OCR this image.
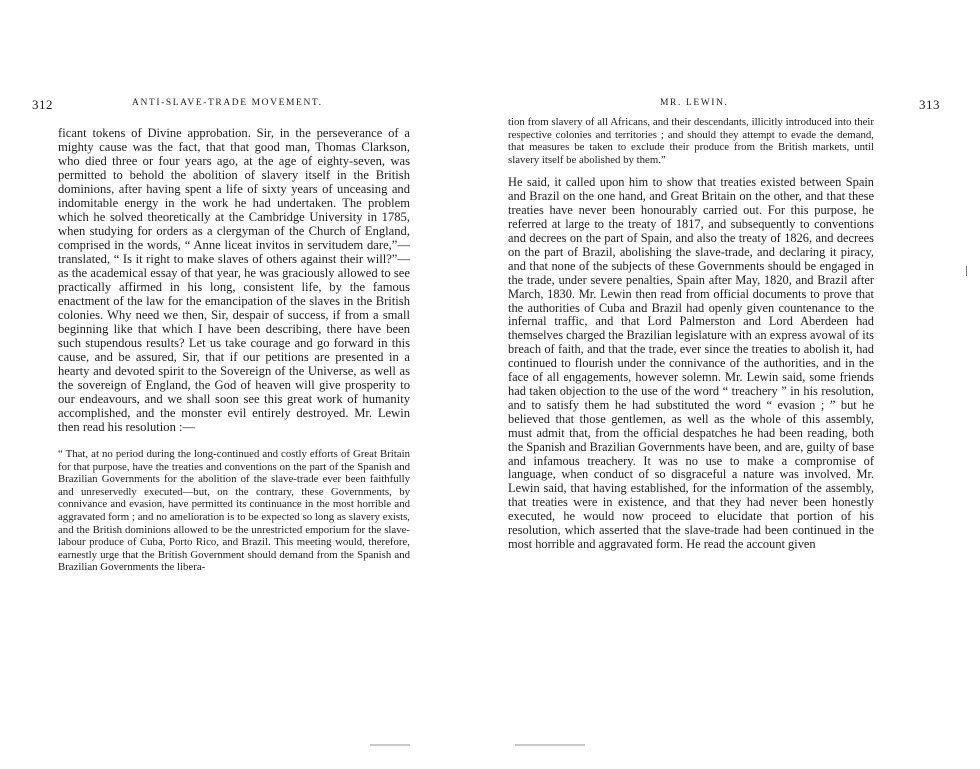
312	ANTI-SLAVE-TRADE MOVEMENT.

ficant tokens of Divine approbation. Sir, in the perseverance of a mighty cause was the fact, that that good man, Thomas Clarkson, who died three or four years ago, at the age of eighty-seven, was permitted to behold the abolition of slavery itself in the British dominions, after having spent a life of sixty years of unceasing and indomitable energy in the work he had undertaken. The problem which he solved theoretically at the Cambridge University in 1785, when studying for orders as a clergyman of the Church of England, comprised in the words, “ Anne liceat invitos in servitudem dare,”—translated, “ Is it right to make slaves of others against their will?”—as the academical essay of that year, he was graciously allowed to see practically affirmed in his long, consistent life, by the famous enactment of the law for the emancipation of the slaves in the British colonies. Why need we then, Sir, despair of success, if from a small beginning like that which I have been describing, there have been such stupendous results? Let us take courage and go forward in this cause, and be assured, Sir, that if our petitions are presented in a hearty and devoted spirit to the Sovereign of the Universe, as well as the sovereign of England, the God of heaven will give prosperity to our endeavours, and we shall soon see this great work of humanity accomplished, and the monster evil entirely destroyed. Mr. Lewin then read his resolution :—

“ That, at no period during the long-continued and costly efforts of Great Britain for that purpose, have the treaties and conventions on the part of the Spanish and Brazilian Governments for the abolition of the slave-trade ever been faithfully and unreservedly executed—but, on the contrary, these Governments, by connivance and evasion, have permitted its continuance in the most horrible and aggravated form ; and no amelioration is to be expected so long as slavery exists, and the British dominions allowed to be the unrestricted emporium for the slave-labour produce of Cuba, Porto Rico, and Brazil. This meeting would, therefore, earnestly urge that the British Government should demand from the Spanish and Brazilian Governments the libera-

MR. LEWIN.	313

tion from slavery of all Africans, and their descendants, illicitly introduced into their respective colonies and territories ; and should they attempt to evade the demand, that measures be taken to exclude their produce from the British markets, until slavery itself be abolished by them.”

He said, it called upon him to show that treaties existed between Spain and Brazil on the one hand, and Great Britain on the other, and that these treaties have never been honourably carried out. For this purpose, he referred at large to the treaty of 1817, and subsequently to conventions and decrees on the part of Spain, and also the treaty of 1826, and decrees on the part of Brazil, abolishing the slave-trade, and declaring it piracy, and that none of the subjects of these Governments should be engaged in the trade, under severe penalties, Spain after May, 1820, and Brazil after March, 1830. Mr. Lewin then read from official documents to prove that the authorities of Cuba and Brazil had openly given countenance to the infernal traffic, and that Lord Palmerston and Lord Aberdeen had themselves charged the Brazilian legislature with an express avowal of its breach of faith, and that the trade, ever since the treaties to abolish it, had continued to flourish under the connivance of the authorities, and in the face of all engagements, however solemn. Mr. Lewin said, some friends had taken objection to the use of the word “ treachery ” in his resolution, and to satisfy them he had substituted the word “ evasion ; ” but he believed that those gentlemen, as well as the whole of this assembly, must admit that, from the official despatches he had been reading, both the Spanish and Brazilian Governments have been, and are, guilty of base and infamous treachery. It was no use to make a compromise of language, when conduct of so disgraceful a nature was involved. Mr. Lewin said, that having established, for the information of the assembly, that treaties were in existence, and that they had never been honestly executed, he would now proceed to elucidate that portion of his resolution, which asserted that the slave-trade had been continued in the most horrible and aggravated form. He read the account given
